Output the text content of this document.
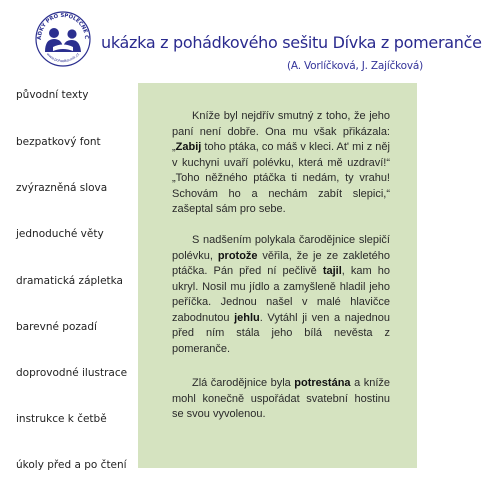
ÁDKY PRO SPOLEČNÉ Č
www.pohadkovnik.cz
ukázka z pohádkového sešitu Dívka z pomeranče
(A. Vorlíčková, J. Zajíčková)
původní texty
bezpatkový font
zvýrazněná slova
jednoduché věty
dramatická zápletka
barevné pozadí
doprovodné ilustrace
instrukce k četbě
úkoly před a po čtení

Kníže byl nejdřív smutný z toho, že jeho paní není dobře. Ona mu však přikázala: „Zabij toho ptáka, co máš v kleci. At' mi z něj v kuchyni uvaří polévku, která mě uzdraví!“ „Toho něžného ptáčka ti nedám, ty vrahu! Schovám ho a nechám zabít slepici,“ zašeptal sám pro sebe.

S nadšením polykala čarodějnice slepičí polévku, protože věřila, že je ze zakletého ptáčka. Pán před ní pečlivě tajil, kam ho ukryl. Nosil mu jídlo a zamyšleně hladil jeho peříčka. Jednou našel v malé hlavičce zabodnutou jehlu. Vytáhl ji ven a najednou před ním stála jeho bílá nevěsta z pomeranče.

Zlá čarodějnice byla potrestána a kníže mohl konečně uspořádat svatební hostinu se svou vyvolenou.
